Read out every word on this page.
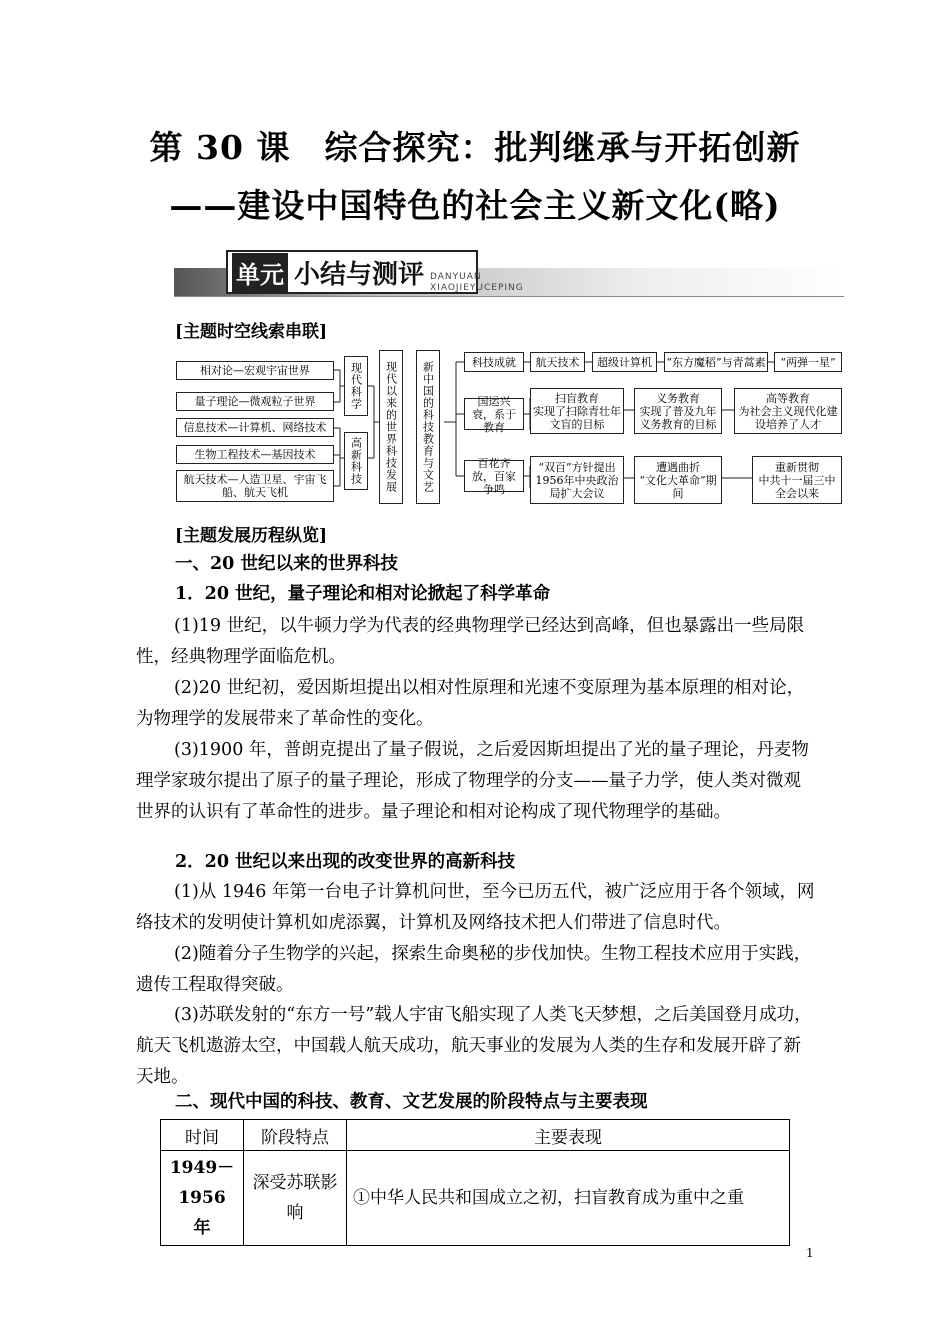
第 30 课　综合探究：批判继承与开拓创新
——建设中国特色的社会主义新文化(略)
单元 小结与测评 DANYUAN
XIAOJIEYUCEPING
[主题时空线索串联]
相对论—宏观宇宙世界
量子理论—微观粒子世界
信息技术—计算机、网络技术
生物工程技术—基因技术
航天技术—人造卫星、宇宙飞船、航天飞机
现代科学
高新科技	现代以来的世界科技发展	新中国的科技教育与文艺	科技成就
国运兴衰，系于教育
百花齐放，百家争鸣
航天技术	超级计算机	“东方魔稻”与青蒿素	“两弹一星”
扫盲教育
实现了扫除青壮年文盲的目标
义务教育
实现了普及九年义务教育的目标
高等教育
为社会主义现代化建设培养了人才
“双百”方针提出
1956年中央政治局扩大会议
遭遇曲折
“文化大革命”期间
重新贯彻
中共十一届三中全会以来
[主题发展历程纵览]
一、20 世纪以来的世界科技
1．20 世纪，量子理论和相对论掀起了科学革命
(1)19 世纪，以牛顿力学为代表的经典物理学已经达到高峰，但也暴露出一些局限性，经典物理学面临危机。
(2)20 世纪初，爱因斯坦提出以相对性原理和光速不变原理为基本原理的相对论，为物理学的发展带来了革命性的变化。
(3)1900 年，普朗克提出了量子假说，之后爱因斯坦提出了光的量子理论，丹麦物理学家玻尔提出了原子的量子理论，形成了物理学的分支——量子力学，使人类对微观世界的认识有了革命性的进步。量子理论和相对论构成了现代物理学的基础。
2．20 世纪以来出现的改变世界的高新科技
(1)从 1946 年第一台电子计算机问世，至今已历五代，被广泛应用于各个领域，网络技术的发明使计算机如虎添翼，计算机及网络技术把人们带进了信息时代。
(2)随着分子生物学的兴起，探索生命奥秘的步伐加快。生物工程技术应用于实践，遗传工程取得突破。
(3)苏联发射的“东方一号”载人宇宙飞船实现了人类飞天梦想，之后美国登月成功，航天飞机遨游太空，中国载人航天成功，航天事业的发展为人类的生存和发展开辟了新天地。
二、现代中国的科技、教育、文艺发展的阶段特点与主要表现
时间	阶段特点	主要表现
1949－1956 年	深受苏联影响	①中华人民共和国成立之初，扫盲教育成为重中之重
1
